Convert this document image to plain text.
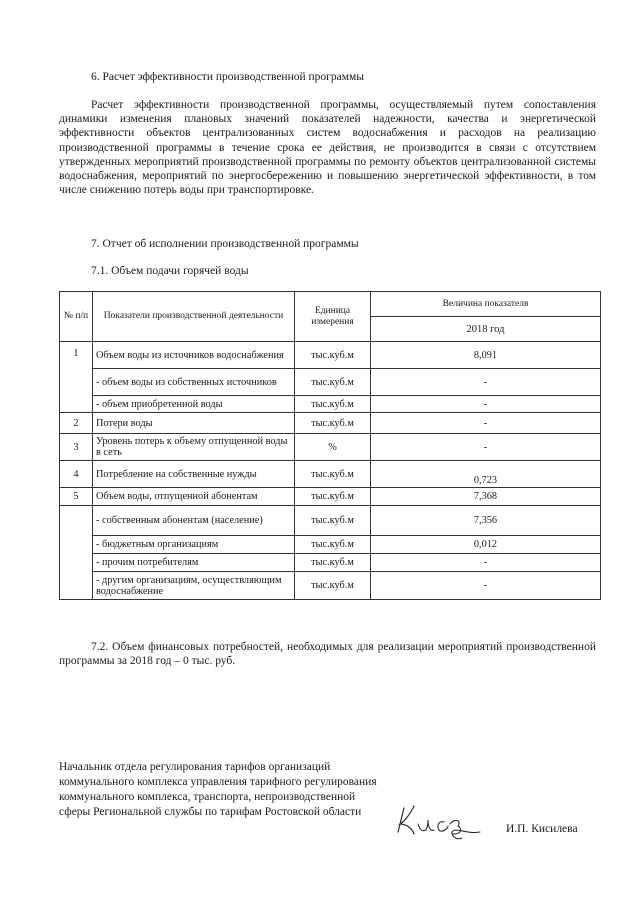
6. Расчет эффективности производственной программы

Расчет эффективности производственной программы, осуществляемый путем сопоставления динамики изменения плановых значений показателей надежности, качества и энергетической эффективности объектов централизованных систем водоснабжения и расходов на реализацию производственной программы в течение срока ее действия, не производится в связи с отсутствием утвержденных мероприятий производственной программы по ремонту объектов централизованной системы водоснабжения, мероприятий по энергосбережению и повышению энергетической эффективности, в том числе снижению потерь воды при транспортировке.

7. Отчет об исполнении производственной программы
7.1. Объем подачи горячей воды
№ п/п	Показатели производственной деятельности	Единица измерения	Величина показателя
			2018 год
1	Объем воды из источников водоснабжения	тыс.куб.м	8,091
	- объем воды из собственных источников	тыс.куб.м	-
	- объем приобретенной воды	тыс.куб.м	-
2	Потери воды	тыс.куб.м	-
3	Уровень потерь к объему отпущенной воды в сеть	%	-
4	Потребление на собственные нужды	тыс.куб.м	0,723
5	Объем воды, отпущенной абонентам	тыс.куб.м	7,368
	- собственным абонентам (население)	тыс.куб.м	7,356
	- бюджетным организациям	тыс.куб.м	0,012
	- прочим потребителям	тыс.куб.м	-
	- другим организациям, осуществляющим водоснабжение	тыс.куб.м	-

7.2. Объем финансовых потребностей, необходимых для реализации мероприятий производственной программы за 2018 год – 0 тыс. руб.

Начальник отдела регулирования тарифов организаций коммунального комплекса управления тарифного регулирования коммунального комплекса, транспорта, непроизводственной сферы Региональной службы по тарифам Ростовской области
И.П. Кисилева
